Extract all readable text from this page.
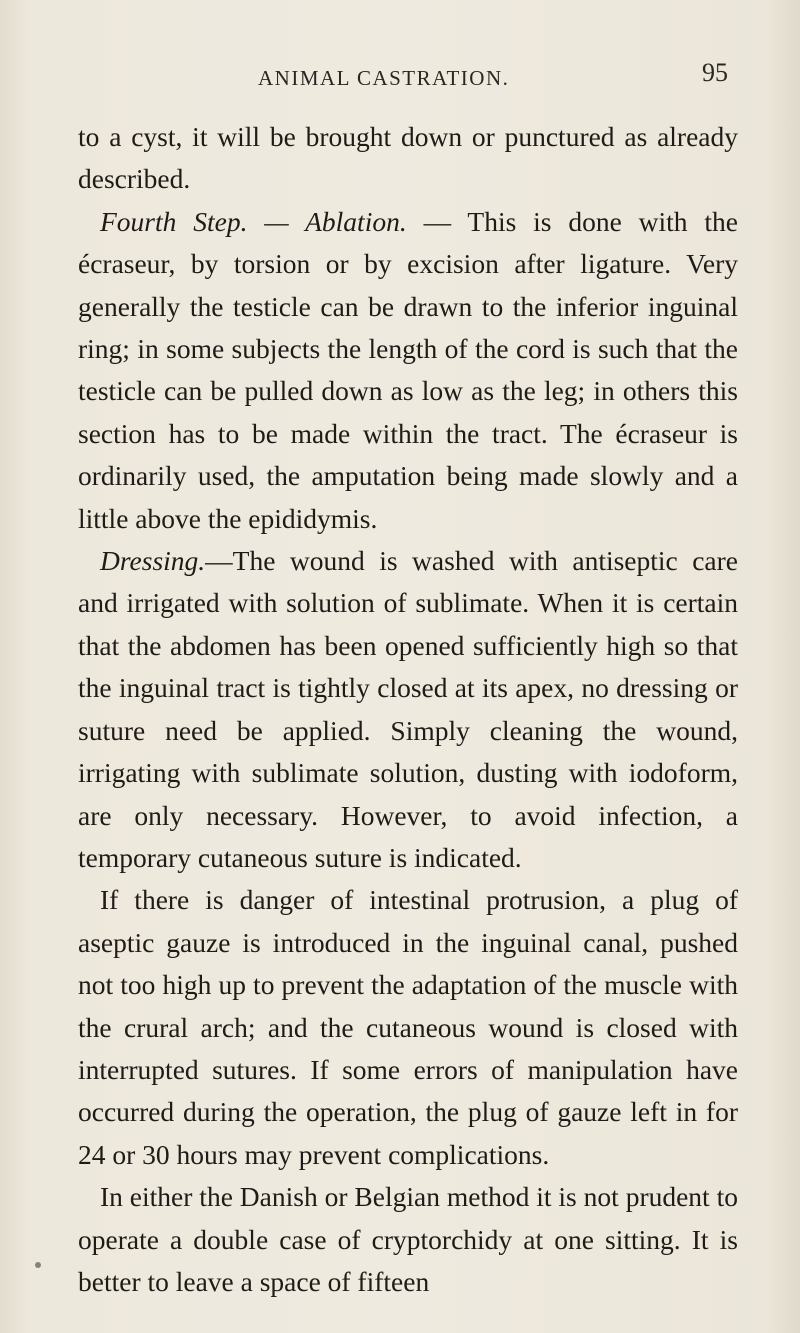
ANIMAL CASTRATION.	95

to a cyst, it will be brought down or punctured as already described.

Fourth Step. — Ablation. — This is done with the écraseur, by torsion or by excision after ligature. Very generally the testicle can be drawn to the inferior inguinal ring; in some subjects the length of the cord is such that the testicle can be pulled down as low as the leg; in others this section has to be made within the tract. The écraseur is ordinarily used, the amputation being made slowly and a little above the epididymis.

Dressing.—The wound is washed with antiseptic care and irrigated with solution of sublimate. When it is certain that the abdomen has been opened sufficiently high so that the inguinal tract is tightly closed at its apex, no dressing or suture need be applied. Simply cleaning the wound, irrigating with sublimate solution, dusting with iodoform, are only necessary. However, to avoid infection, a temporary cutaneous suture is indicated.

If there is danger of intestinal protrusion, a plug of aseptic gauze is introduced in the inguinal canal, pushed not too high up to prevent the adaptation of the muscle with the crural arch; and the cutaneous wound is closed with interrupted sutures. If some errors of manipulation have occurred during the operation, the plug of gauze left in for 24 or 30 hours may prevent complications.

In either the Danish or Belgian method it is not prudent to operate a double case of cryptorchidy at one sitting. It is better to leave a space of fifteen
